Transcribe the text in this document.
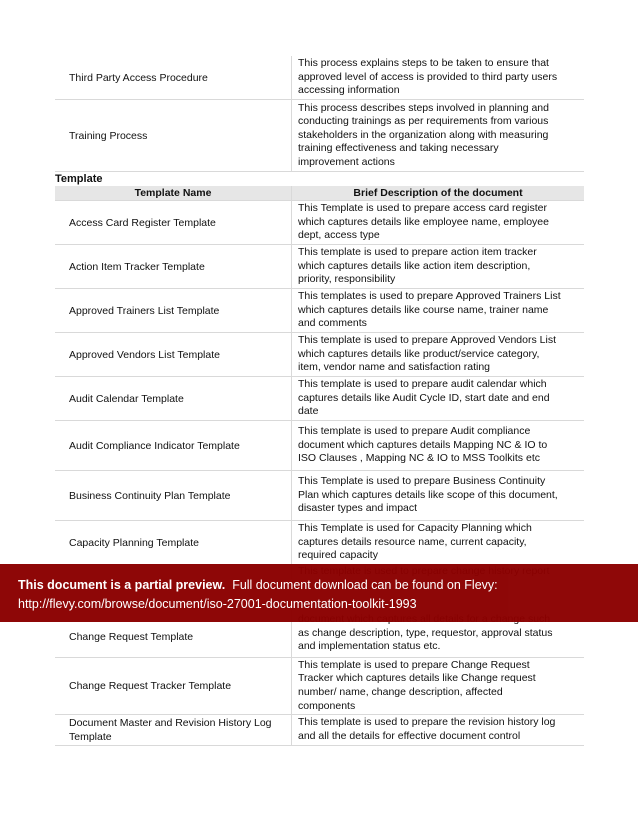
Third Party Access Procedure
This process explains steps to be taken to ensure that
approved level of access is provided to third party users
accessing information
Training Process
This process describes steps involved in planning and
conducting trainings as per requirements from various
stakeholders in the organization along with measuring
training effectiveness and taking necessary
improvement actions
Template
Template Name	Brief Description of the document
Access Card Register Template
This Template is used to prepare access card register
which captures details like employee name, employee
dept, access type
Action Item Tracker Template
This template is used to prepare action item tracker
which captures details like action item description,
priority, responsibility
Approved Trainers List Template
This templates is used to prepare Approved Trainers List
which captures details like course name, trainer name
and comments
Approved Vendors List Template
This template is used to prepare Approved Vendors List
which captures details like product/service category,
item, vendor name and satisfaction rating
Audit Calendar Template
This template is used to prepare audit calendar which
captures details like Audit Cycle ID, start date and end
date
Audit Compliance Indicator Template
This template is used to prepare Audit compliance
document which captures details Mapping NC & IO to
ISO Clauses , Mapping NC & IO to MSS Toolkits etc
Business Continuity Plan Template
This Template is used to prepare Business Continuity
Plan which captures details like scope of this document,
disaster types and impact
Capacity Planning Template
This Template is used for Capacity Planning which
captures details resource name, current capacity,
required capacity
Change Request Template	as change description, type, requestor, approval status
and implementation status etc.
Change Request Tracker Template
This template is used to prepare Change Request
Tracker which captures details like Change request
number/ name, change description, affected
components
Document Master and Revision History Log Template
This template is used to prepare the revision history log
and all the details for effective document control
This document is a partial preview. Full document download can be found on Flevy:
http://flevy.com/browse/document/iso-27001-documentation-toolkit-1993
